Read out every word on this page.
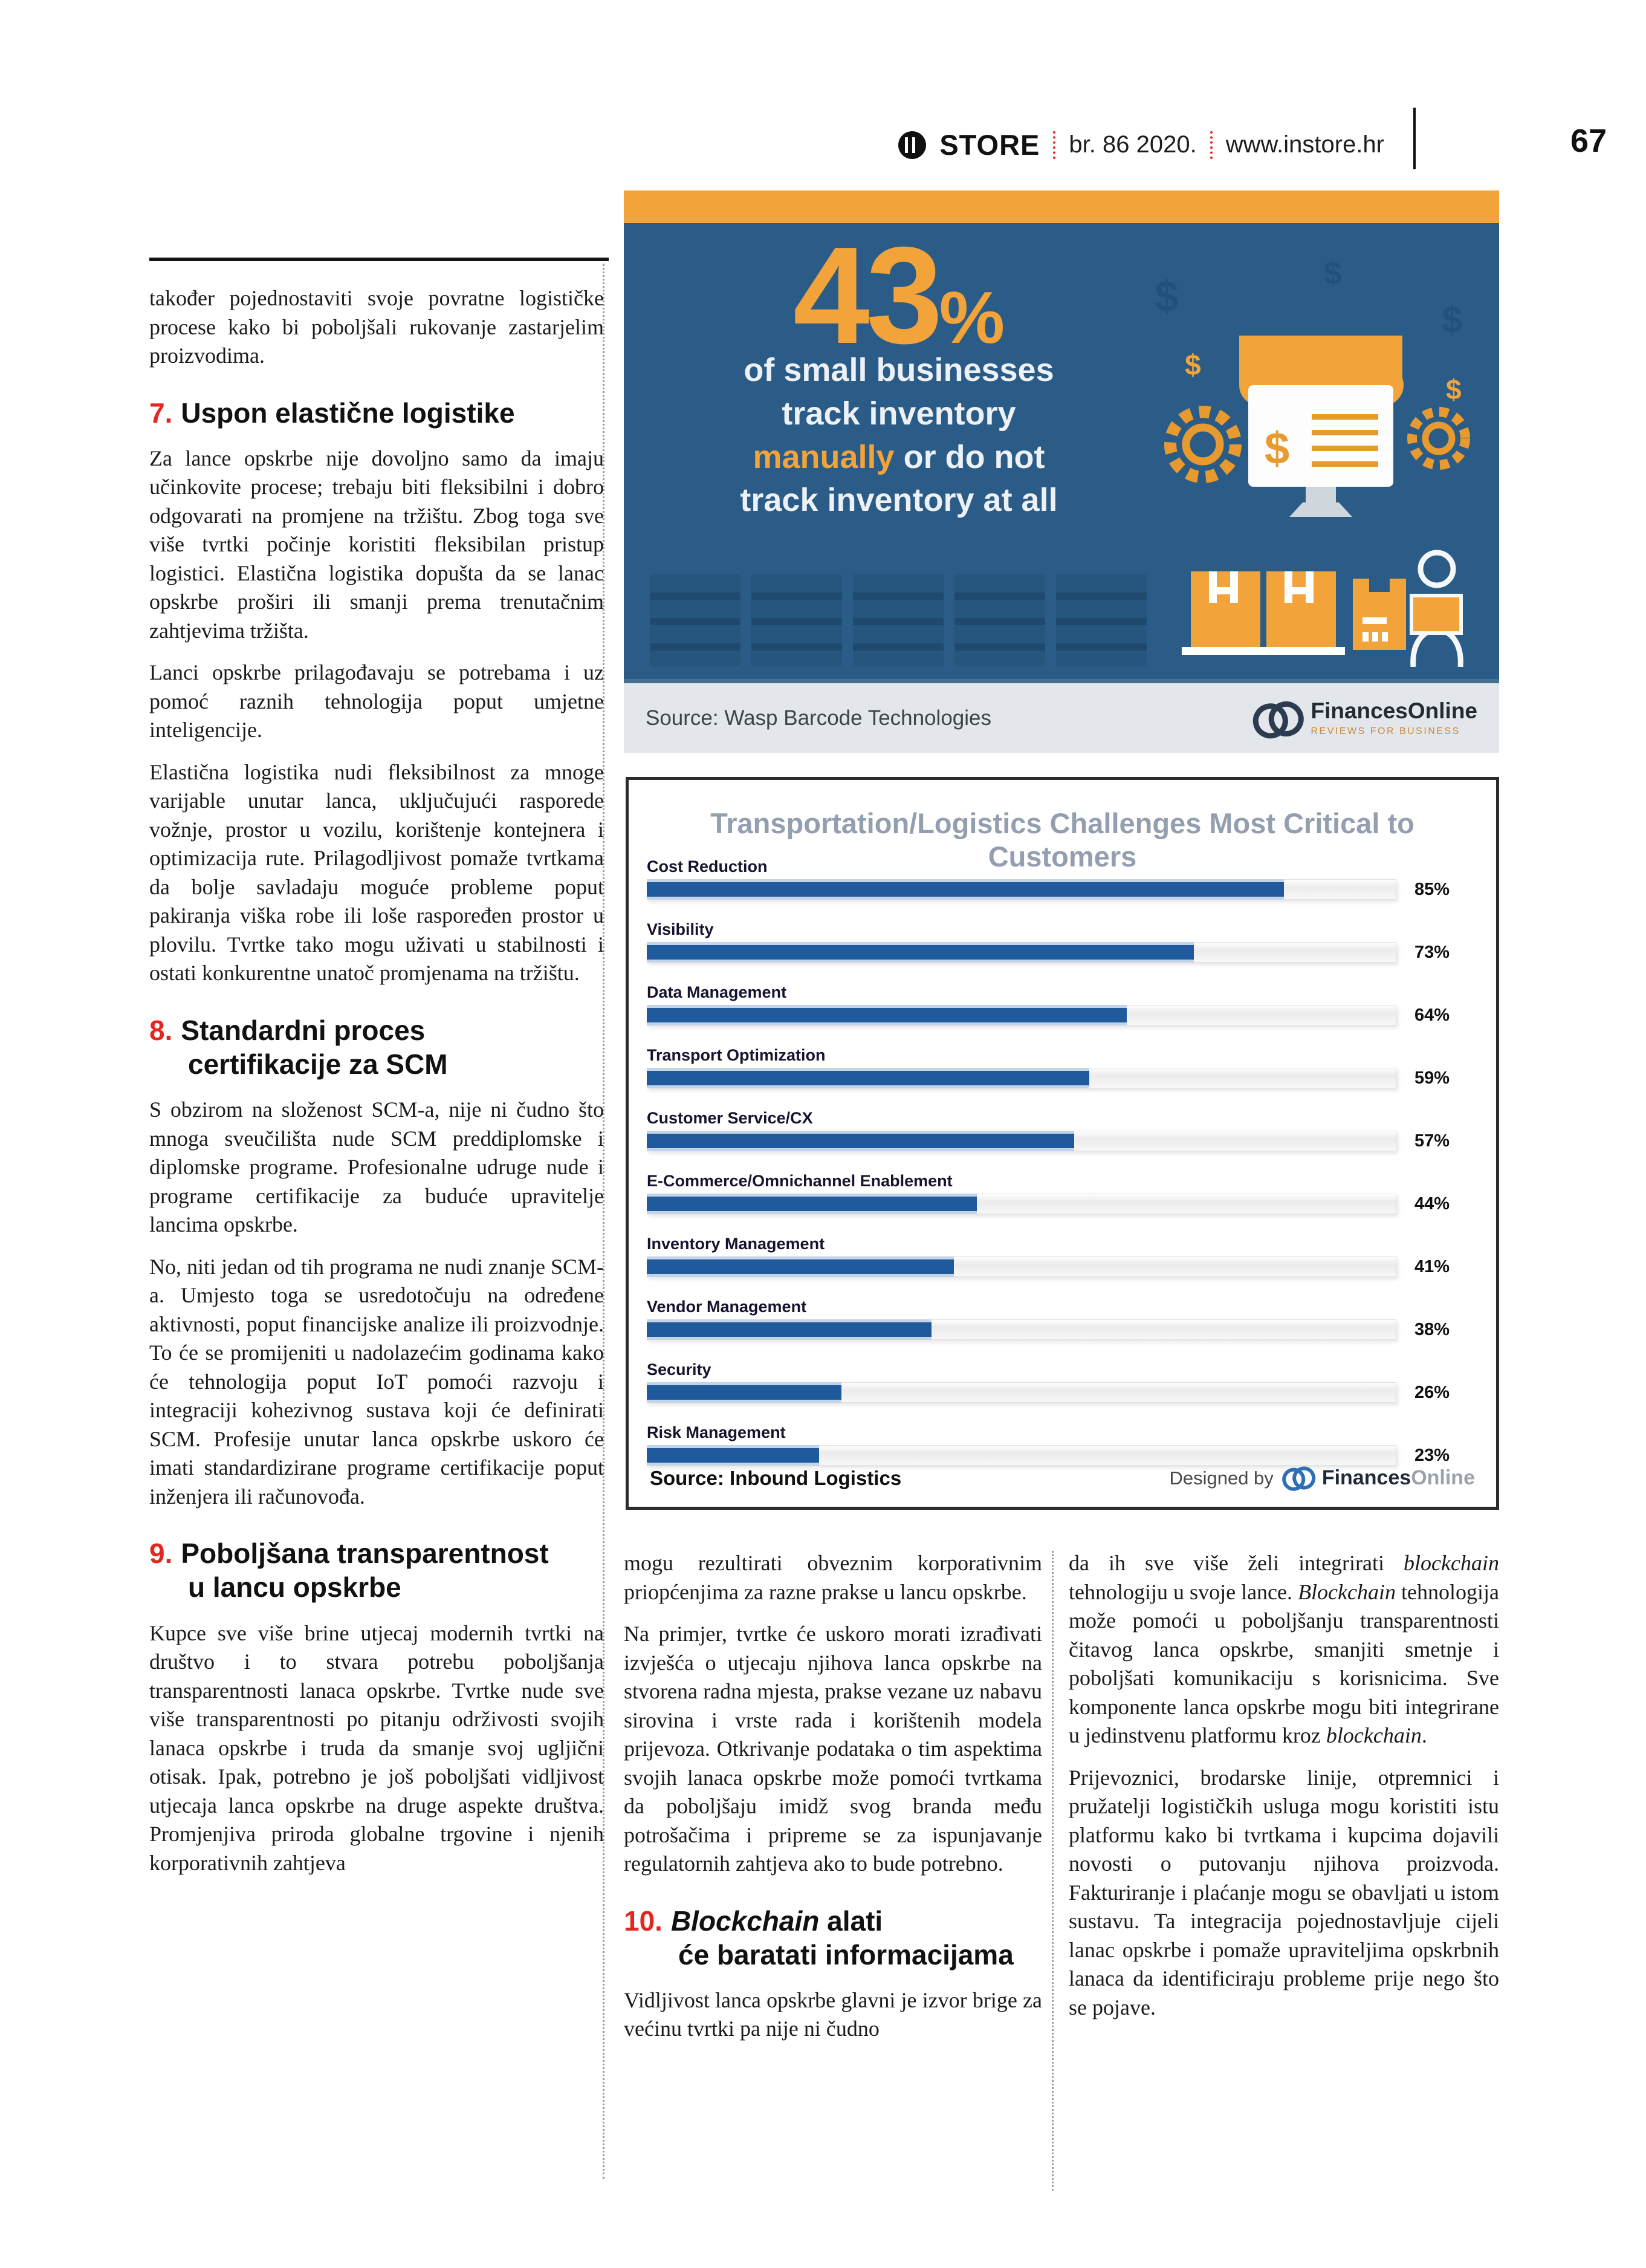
STORE br. 86 2020. www.instore.hr	67

također pojednostaviti svoje povratne logističke procese kako bi poboljšali rukovanje zastarjelim proizvodima.

7. Uspon elastične logistike

Za lance opskrbe nije dovoljno samo da imaju učinkovite procese; trebaju biti fleksibilni i dobro odgovarati na promjene na tržištu. Zbog toga sve više tvrtki počinje koristiti fleksibilan pristup logistici. Elastična logistika dopušta da se lanac opskrbe proširi ili smanji prema trenutačnim zahtjevima tržišta.

Lanci opskrbe prilagođavaju se potrebama i uz pomoć raznih tehnologija poput umjetne inteligencije.

Elastična logistika nudi fleksibilnost za mnoge varijable unutar lanca, uključujući rasporede vožnje, prostor u vozilu, korištenje kontejnera i optimizacija rute. Prilagodljivost pomaže tvrtkama da bolje savladaju moguće probleme poput pakiranja viška robe ili loše raspoređen prostor u plovilu. Tvrtke tako mogu uživati u stabilnosti i ostati konkurentne unatoč promjenama na tržištu.

8. Standardni proces
certifikacije za SCM

S obzirom na složenost SCM-a, nije ni čudno što mnoga sveučilišta nude SCM preddiplomske i diplomske programe. Profesionalne udruge nude i programe certifikacije za buduće upravitelje lancima opskrbe.

No, niti jedan od tih programa ne nudi znanje SCM-a. Umjesto toga se usredotočuju na određene aktivnosti, poput financijske analize ili proizvodnje. To će se promijeniti u nadolazećim godinama kako će tehnologija poput IoT pomoći razvoju i integraciji kohezivnog sustava koji će definirati SCM. Profesije unutar lanca opskrbe uskoro će imati standardizirane programe certifikacije poput inženjera ili računovođa.

9. Poboljšana transparentnost
u lancu opskrbe

Kupce sve više brine utjecaj modernih tvrtki na društvo i to stvara potrebu poboljšanja transparentnosti lanaca opskrbe. Tvrtke nude sve više transparentnosti po pitanju održivosti svojih lanaca opskrbe i truda da smanje svoj ugljični otisak. Ipak, potrebno je još poboljšati vidljivost utjecaja lanca opskrbe na druge aspekte društva. Promjenjiva priroda globalne trgovine i njenih korporativnih zahtjeva

43%
of small businesses
track inventory
manually or do not
track inventory at all
$	$
$
$
$
$
Source: Wasp Barcode Technologies	FinancesOnline
REVIEWS FOR BUSINESS
Transportation/Logistics Challenges Most Critical to Customers
Cost Reduction
85%
Visibility
73%
Data Management
64%
Transport Optimization
59%
Customer Service/CX
57%
E-Commerce/Omnichannel Enablement
44%
Inventory Management
41%
Vendor Management
38%
Security
26%
Risk Management
23%
Source: Inbound Logistics	Designed by FinancesOnline

mogu rezultirati obveznim korporativnim priopćenjima za razne prakse u lancu opskrbe.

Na primjer, tvrtke će uskoro morati izrađivati izvješća o utjecaju njihova lanca opskrbe na stvorena radna mjesta, prakse vezane uz nabavu sirovina i vrste rada i korištenih modela prijevoza. Otkrivanje podataka o tim aspektima svojih lanaca opskrbe može pomoći tvrtkama da poboljšaju imidž svog branda među potrošačima i pripreme se za ispunjavanje regulatornih zahtjeva ako to bude potrebno.

10. Blockchain alati
će baratati informacijama

Vidljivost lanca opskrbe glavni je izvor brige za većinu tvrtki pa nije ni čudno

da ih sve više želi integrirati blockchain tehnologiju u svoje lance. Blockchain tehnologija može pomoći u poboljšanju transparentnosti čitavog lanca opskrbe, smanjiti smetnje i poboljšati komunikaciju s korisnicima. Sve komponente lanca opskrbe mogu biti integrirane u jedinstvenu platformu kroz blockchain.

Prijevoznici, brodarske linije, otpremnici i pružatelji logističkih usluga mogu koristiti istu platformu kako bi tvrtkama i kupcima dojavili novosti o putovanju njihova proizvoda. Fakturiranje i plaćanje mogu se obavljati u istom sustavu. Ta integracija pojednostavljuje cijeli lanac opskrbe i pomaže upraviteljima opskrbnih lanaca da identificiraju probleme prije nego što se pojave.
